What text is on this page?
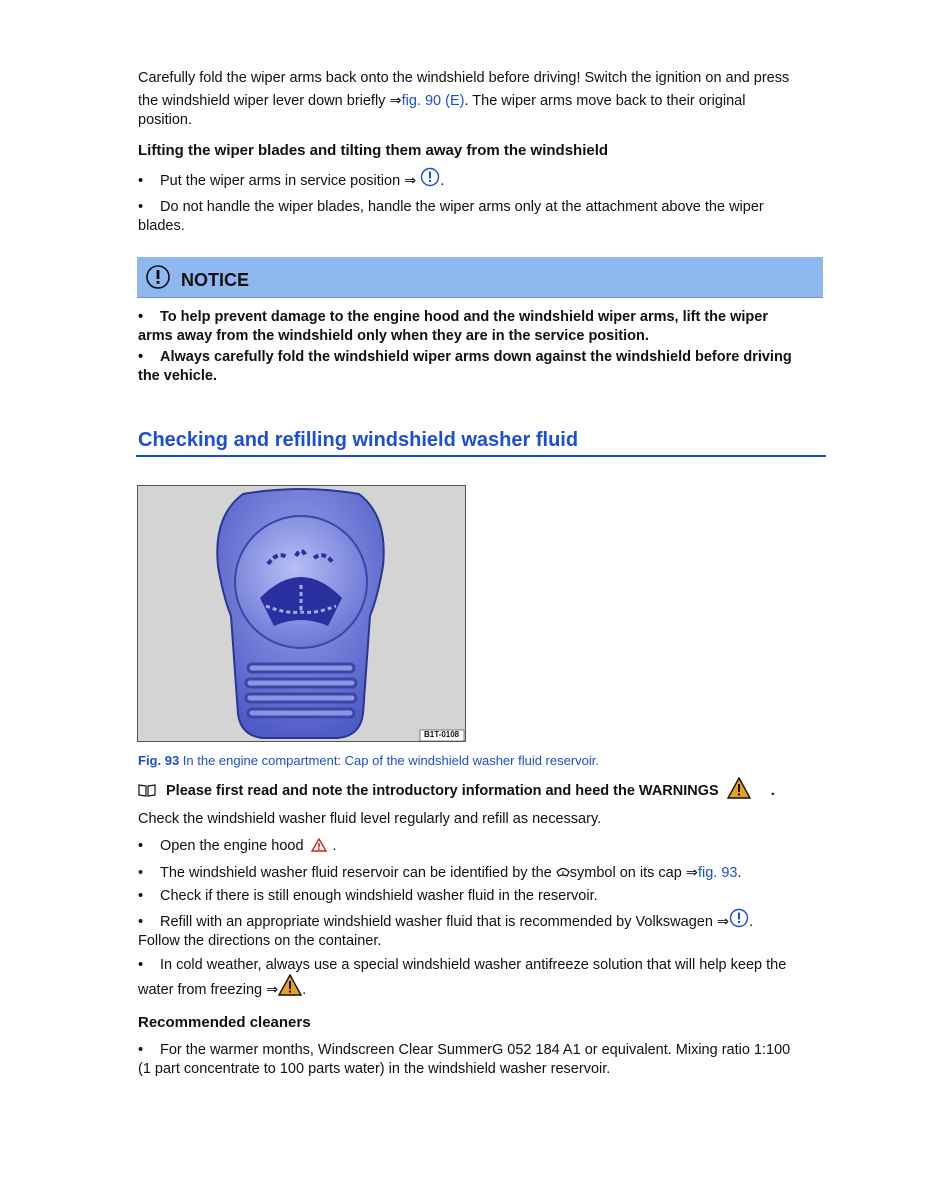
Carefully fold the wiper arms back onto the windshield before driving! Switch the ignition on and press
the windshield wiper lever down briefly ⇒fig. 90 (E). The wiper arms move back to their original
position.
Lifting the wiper blades and tilting them away from the windshield
• Put the wiper arms in service position ⇒ .
• Do not handle the wiper blades, handle the wiper arms only at the attachment above the wiper
blades.
NOTICE
• To help prevent damage to the engine hood and the windshield wiper arms, lift the wiper
arms away from the windshield only when they are in the service position.
• Always carefully fold the windshield wiper arms down against the windshield before driving
the vehicle.
Checking and refilling windshield washer fluid
B1T-0108
Fig. 93 In the engine compartment: Cap of the windshield washer fluid reservoir.
Please first read and note the introductory information and heed the WARNINGS	.
Check the windshield washer fluid level regularly and refill as necessary.
• Open the engine hood .
• The windshield washer fluid reservoir can be identified by the symbol on its cap ⇒fig. 93.
• Check if there is still enough windshield washer fluid in the reservoir.
• Refill with an appropriate windshield washer fluid that is recommended by Volkswagen ⇒ .
Follow the directions on the container.
• In cold weather, always use a special windshield washer antifreeze solution that will help keep the
water from freezing ⇒ .
Recommended cleaners
• For the warmer months, Windscreen Clear SummerG 052 184 A1 or equivalent. Mixing ratio 1:100
(1 part concentrate to 100 parts water) in the windshield washer reservoir.
